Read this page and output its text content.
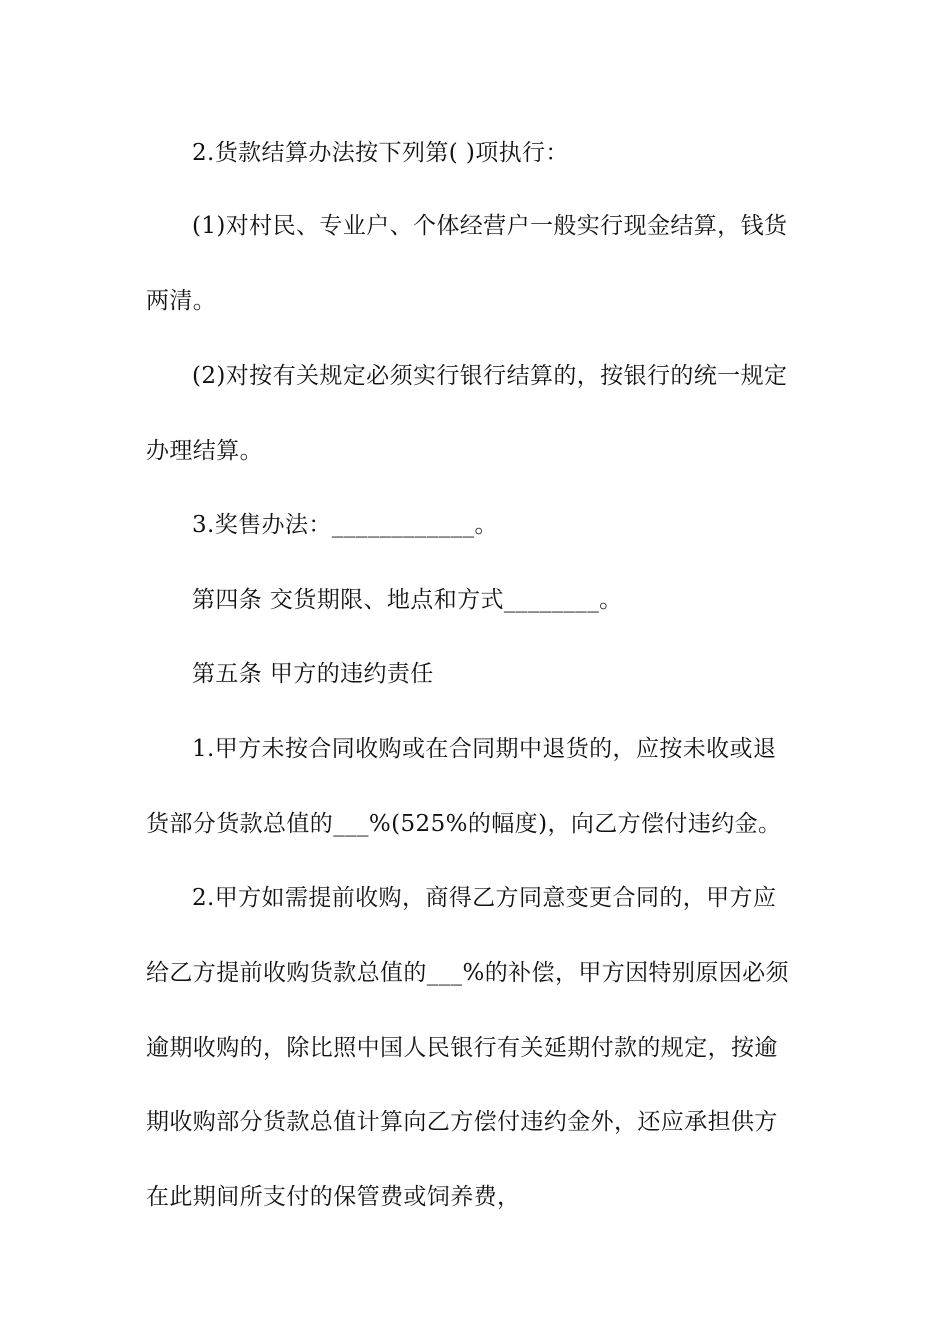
2.货款结算办法按下列第( )项执行：
(1)对村民、专业户、个体经营户一般实行现金结算，钱货
两清。
(2)对按有关规定必须实行银行结算的，按银行的统一规定
办理结算。
3.奖售办法：____________。
第四条 交货期限、地点和方式________。
第五条 甲方的违约责任
1.甲方未按合同收购或在合同期中退货的，应按未收或退
货部分货款总值的___%(525%的幅度)，向乙方偿付违约金。
2.甲方如需提前收购，商得乙方同意变更合同的，甲方应
给乙方提前收购货款总值的___%的补偿，甲方因特别原因必须
逾期收购的，除比照中国人民银行有关延期付款的规定，按逾
期收购部分货款总值计算向乙方偿付违约金外，还应承担供方
在此期间所支付的保管费或饲养费，
